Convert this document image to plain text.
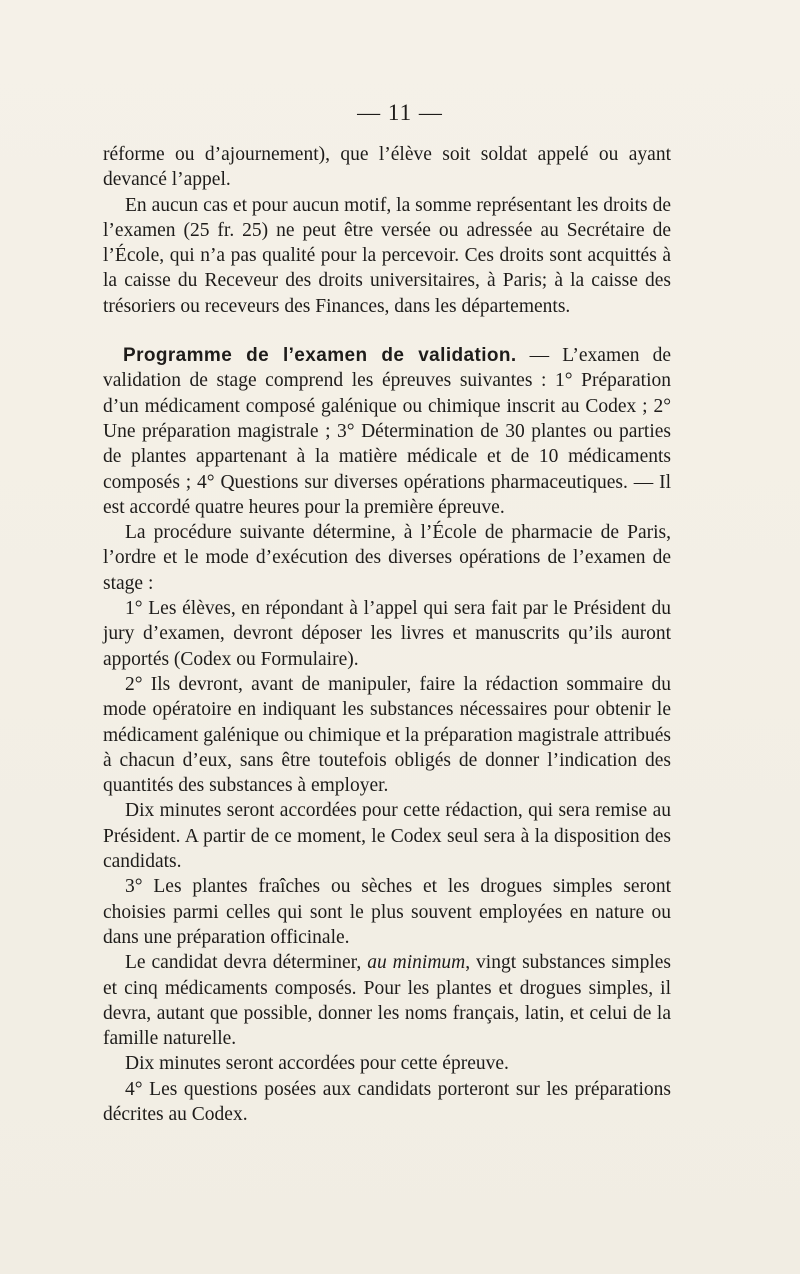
— 11 —

réforme ou d’ajournement), que l’élève soit soldat appelé ou ayant devancé l’appel.

En aucun cas et pour aucun motif, la somme représentant les droits de l’examen (25 fr. 25) ne peut être versée ou adressée au Secrétaire de l’École, qui n’a pas qualité pour la percevoir. Ces droits sont acquittés à la caisse du Receveur des droits universitaires, à Paris; à la caisse des trésoriers ou receveurs des Finances, dans les départements.

Programme de l’examen de validation. — L’examen de validation de stage comprend les épreuves suivantes : 1° Préparation d’un médicament composé galénique ou chimique inscrit au Codex ; 2° Une préparation magistrale ; 3° Détermination de 30 plantes ou parties de plantes appartenant à la matière médicale et de 10 médicaments composés ; 4° Questions sur diverses opérations pharmaceutiques. — Il est accordé quatre heures pour la première épreuve.

La procédure suivante détermine, à l’École de pharmacie de Paris, l’ordre et le mode d’exécution des diverses opérations de l’examen de stage :

1° Les élèves, en répondant à l’appel qui sera fait par le Président du jury d’examen, devront déposer les livres et manuscrits qu’ils auront apportés (Codex ou Formulaire).

2° Ils devront, avant de manipuler, faire la rédaction sommaire du mode opératoire en indiquant les substances nécessaires pour obtenir le médicament galénique ou chimique et la préparation magistrale attribués à chacun d’eux, sans être toutefois obligés de donner l’indication des quantités des substances à employer.

Dix minutes seront accordées pour cette rédaction, qui sera remise au Président. A partir de ce moment, le Codex seul sera à la disposition des candidats.

3° Les plantes fraîches ou sèches et les drogues simples seront choisies parmi celles qui sont le plus souvent employées en nature ou dans une préparation officinale.

Le candidat devra déterminer, au minimum, vingt substances simples et cinq médicaments composés. Pour les plantes et drogues simples, il devra, autant que possible, donner les noms français, latin, et celui de la famille naturelle.

Dix minutes seront accordées pour cette épreuve.

4° Les questions posées aux candidats porteront sur les préparations décrites au Codex.
